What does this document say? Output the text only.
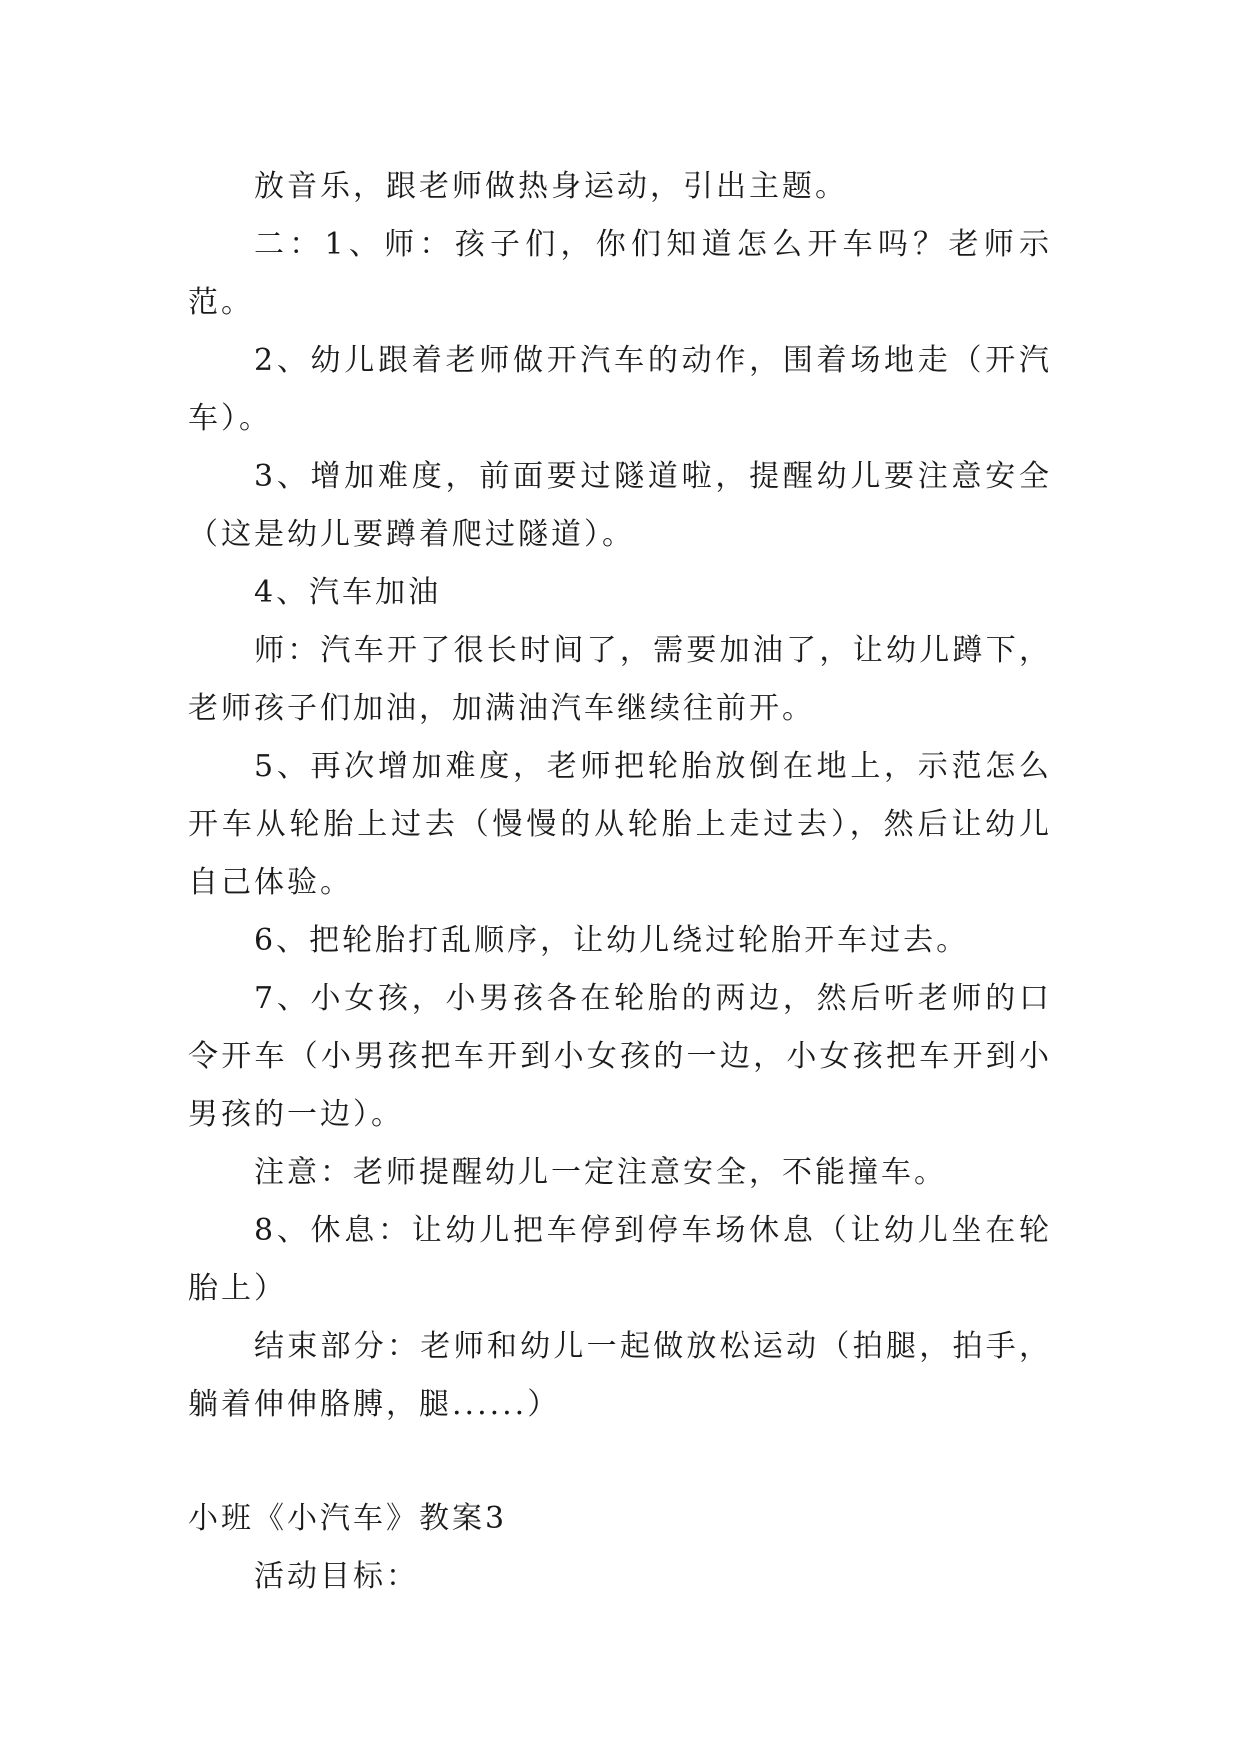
放音乐，跟老师做热身运动，引出主题。

二：1、师：孩子们，你们知道怎么开车吗？老师示范。

2、幼儿跟着老师做开汽车的动作，围着场地走（开汽车）。

3、增加难度，前面要过隧道啦，提醒幼儿要注意安全（这是幼儿要蹲着爬过隧道）。

4、汽车加油

师：汽车开了很长时间了，需要加油了，让幼儿蹲下，老师孩子们加油，加满油汽车继续往前开。

5、再次增加难度，老师把轮胎放倒在地上，示范怎么开车从轮胎上过去（慢慢的从轮胎上走过去），然后让幼儿自己体验。

6、把轮胎打乱顺序，让幼儿绕过轮胎开车过去。

7、小女孩，小男孩各在轮胎的两边，然后听老师的口令开车（小男孩把车开到小女孩的一边，小女孩把车开到小男孩的一边）。

注意：老师提醒幼儿一定注意安全，不能撞车。

8、休息：让幼儿把车停到停车场休息（让幼儿坐在轮胎上）

结束部分：老师和幼儿一起做放松运动（拍腿，拍手，躺着伸伸胳膊，腿......）

小班《小汽车》教案3

活动目标：
